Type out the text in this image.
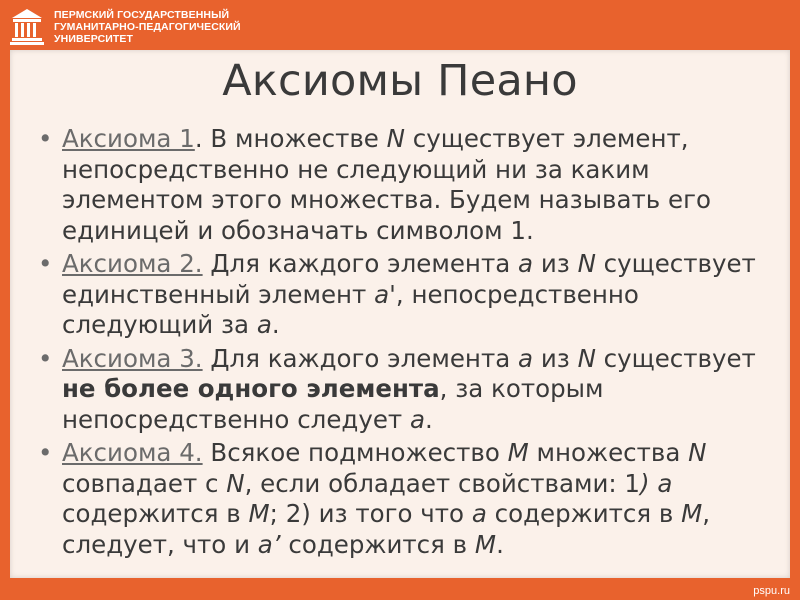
ПЕРМСКИЙ ГОСУДАРСТВЕННЫЙ
ГУМАНИТАРНО-ПЕДАГОГИЧЕСКИЙ
УНИВЕРСИТЕТ
Аксиомы Пеано
• Аксиома 1. В множестве N существует элемент, непосредственно не следующий ни за каким элементом этого множества. Будем называть его единицей и обозначать символом 1.
• Аксиома 2. Для каждого элемента a из N существует единственный элемент a', непосредственно следующий за a.
• Аксиома 3. Для каждого элемента a из N существует не более одного элемента, за которым непосредственно следует a.
• Аксиома 4. Всякое подмножество M множества N совпадает с N, если обладает свойствами: 1) a содержится в M; 2) из того что a содержится в M, следует, что и a’ содержится в M.
pspu.ru
